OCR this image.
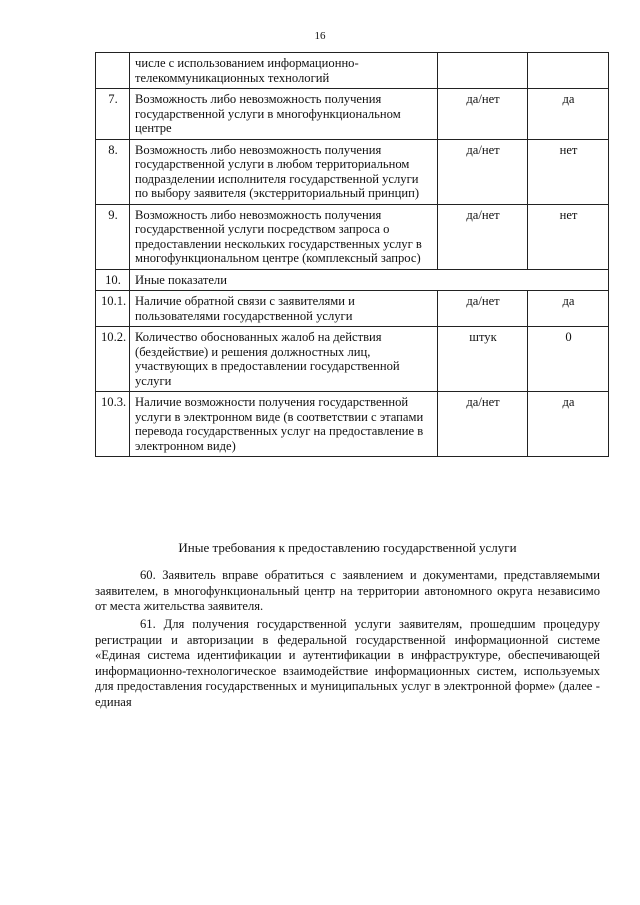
16
	числе с использованием информационно-телекоммуникационных технологий		
7.	Возможность либо невозможность получения государственной услуги в многофункциональном центре	да/нет	да
8.	Возможность либо невозможность получения государственной услуги в любом территориальном подразделении исполнителя государственной услуги по выбору заявителя (экстерриториальный принцип)	да/нет	нет
9.	Возможность либо невозможность получения государственной услуги посредством запроса о предоставлении нескольких государственных услуг в многофункциональном центре (комплексный запрос)	да/нет	нет
10.	Иные показатели		
10.1.	Наличие обратной связи с заявителями и пользователями государственной услуги	да/нет	да
10.2.	Количество обоснованных жалоб на действия (бездействие) и решения должностных лиц, участвующих в предоставлении государственной услуги	штук	0
10.3.	Наличие возможности получения государственной услуги в электронном виде (в соответствии с этапами перевода государственных услуг на предоставление в электронном виде)	да/нет	да
Иные требования к предоставлению государственной услуги
60. Заявитель вправе обратиться с заявлением и документами, представляемыми заявителем, в многофункциональный центр на территории автономного округа независимо от места жительства заявителя.
61. Для получения государственной услуги заявителям, прошедшим процедуру регистрации и авторизации в федеральной государственной информационной системе «Единая система идентификации и аутентификации в инфраструктуре, обеспечивающей информационно-технологическое взаимодействие информационных систем, используемых для предоставления государственных и муниципальных услуг в электронной форме» (далее - единая
